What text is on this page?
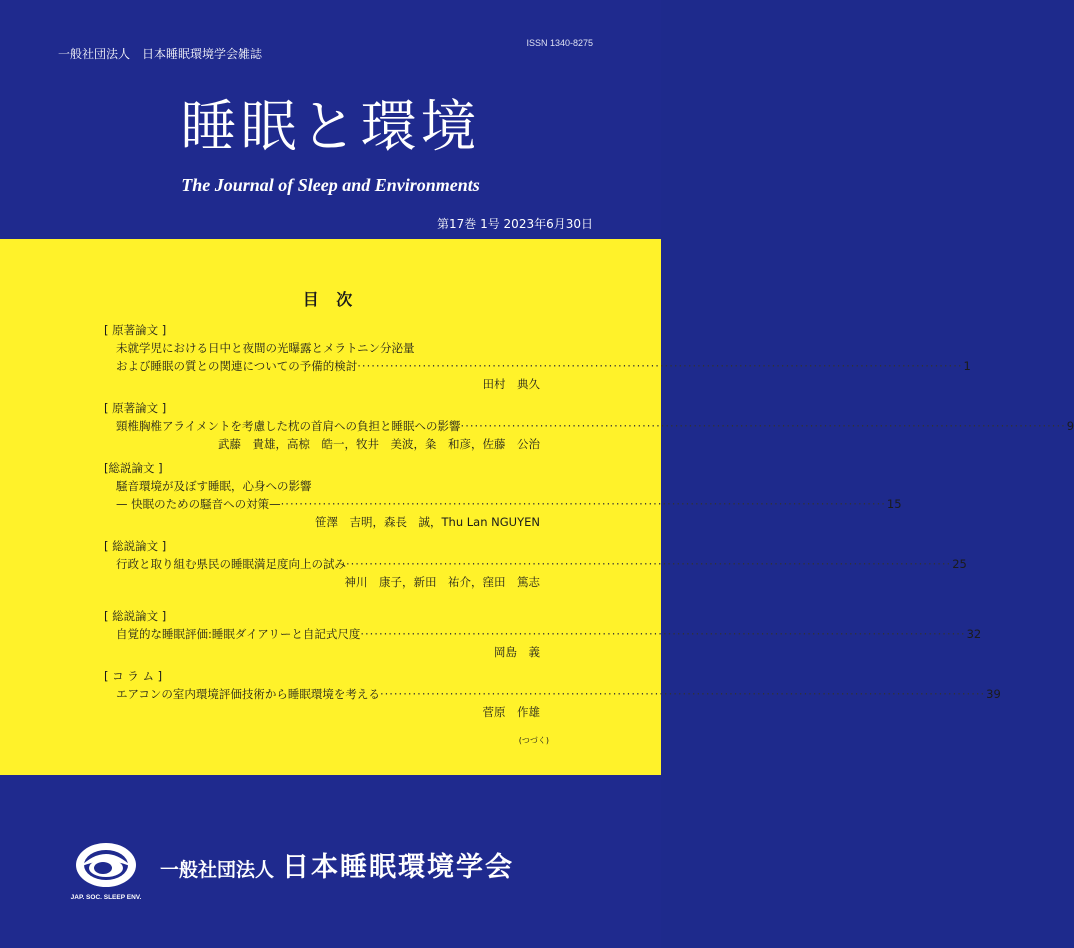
ISSN 1340-8275
一般社団法人　日本睡眠環境学会雑誌
睡眠と環境
The Journal of Sleep and Environments
第17巻 1号 2023年6月30日
目 次
[ 原著論文 ]
未就学児における日中と夜間の光曝露とメラトニン分泌量
および睡眠の質との関連についての予備的検討 ·····	1
田村　典久
[ 原著論文 ]
頸椎胸椎アライメントを考慮した枕の首肩への負担と睡眠への影響 ·····	9
武藤　貴雄，高椋　皓一，牧井　美波，粂　和彦，佐藤　公治
[総説論文 ]
騒音環境が及ぼす睡眠，心身への影響
— 快眠のための騒音への対策— ·····	15
笹澤　吉明，森長　誠，Thu Lan NGUYEN
[ 総説論文 ]
行政と取り組む県民の睡眠満足度向上の試み ·····	25
神川　康子，新田　祐介，窪田　篤志
[ 総説論文 ]
自覚的な睡眠評価:睡眠ダイアリーと自記式尺度 ·····	32
岡島　義
[ コ ラ ム ]
エアコンの室内環境評価技術から睡眠環境を考える ·····	39
菅原　作雄
(つづく)
JAP. SOC. SLEEP ENV.
一般社団法人 日本睡眠環境学会
